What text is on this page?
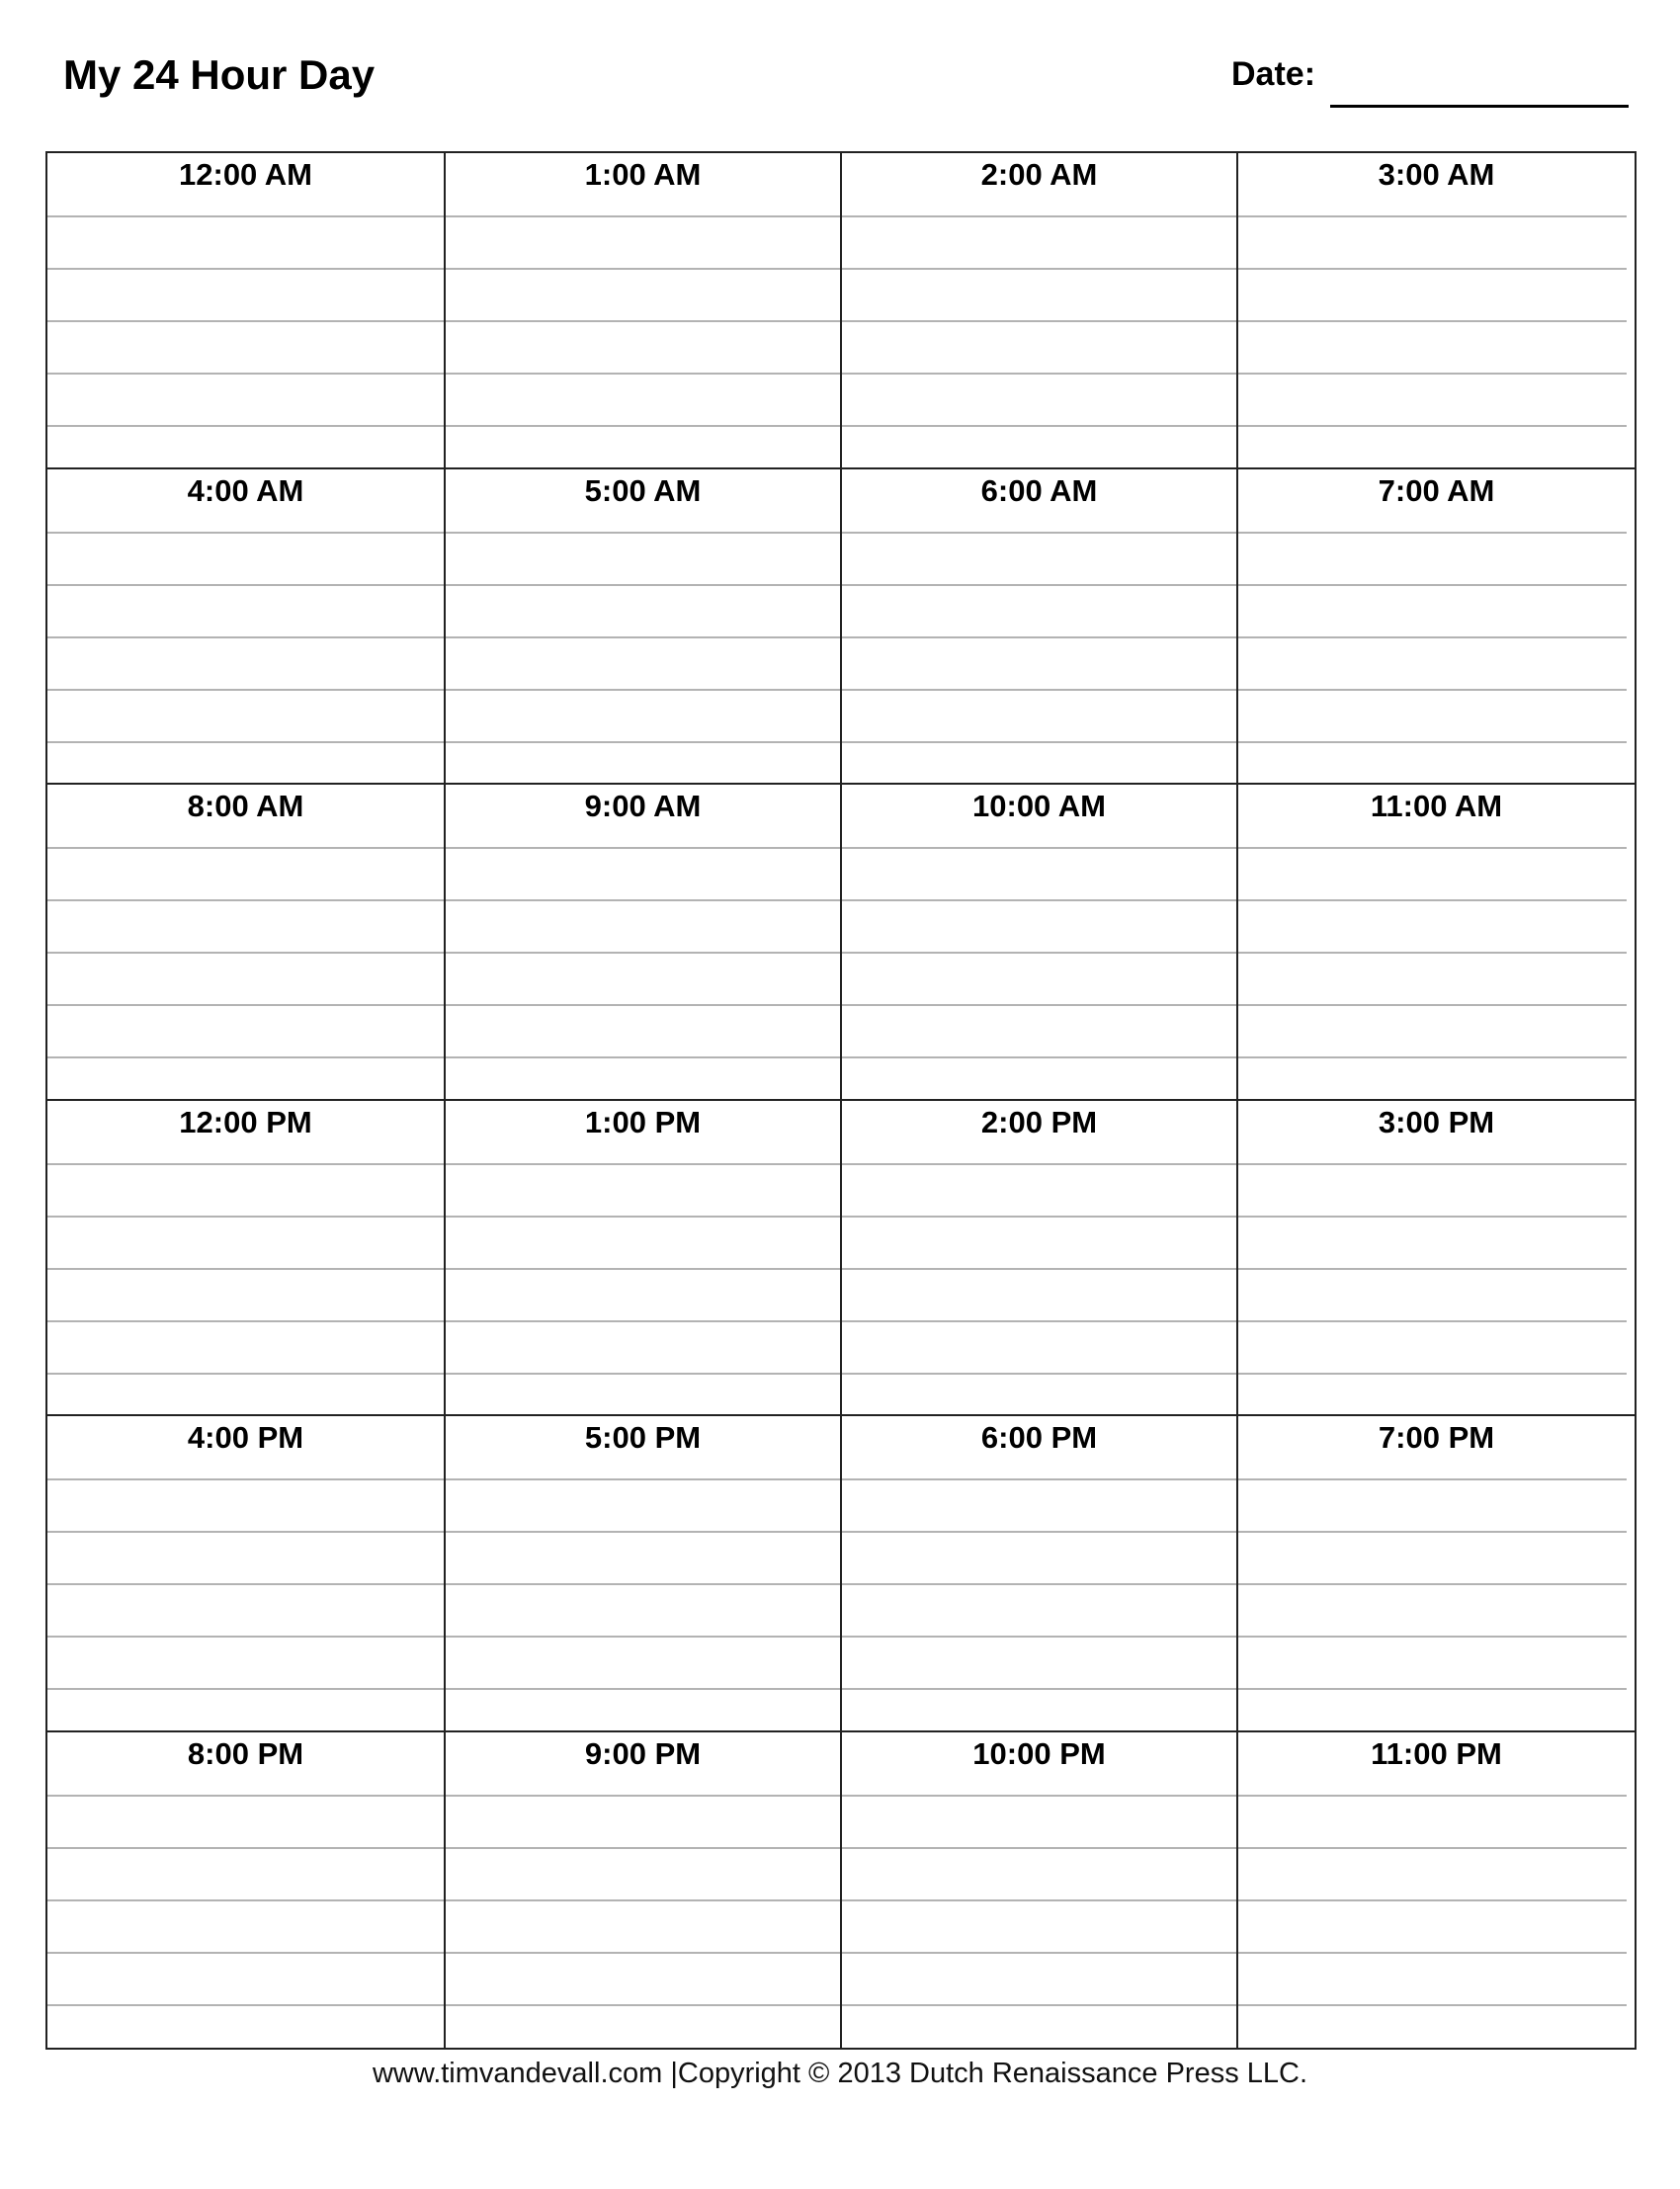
My 24 Hour Day	Date:
12:00 AM	1:00 AM	2:00 AM	3:00 AM
4:00 AM	5:00 AM	6:00 AM	7:00 AM
8:00 AM	9:00 AM	10:00 AM	11:00 AM
12:00 PM	1:00 PM	2:00 PM	3:00 PM
4:00 PM	5:00 PM	6:00 PM	7:00 PM
8:00 PM	9:00 PM	10:00 PM	11:00 PM
www.timvandevall.com |Copyright © 2013 Dutch Renaissance Press LLC.
